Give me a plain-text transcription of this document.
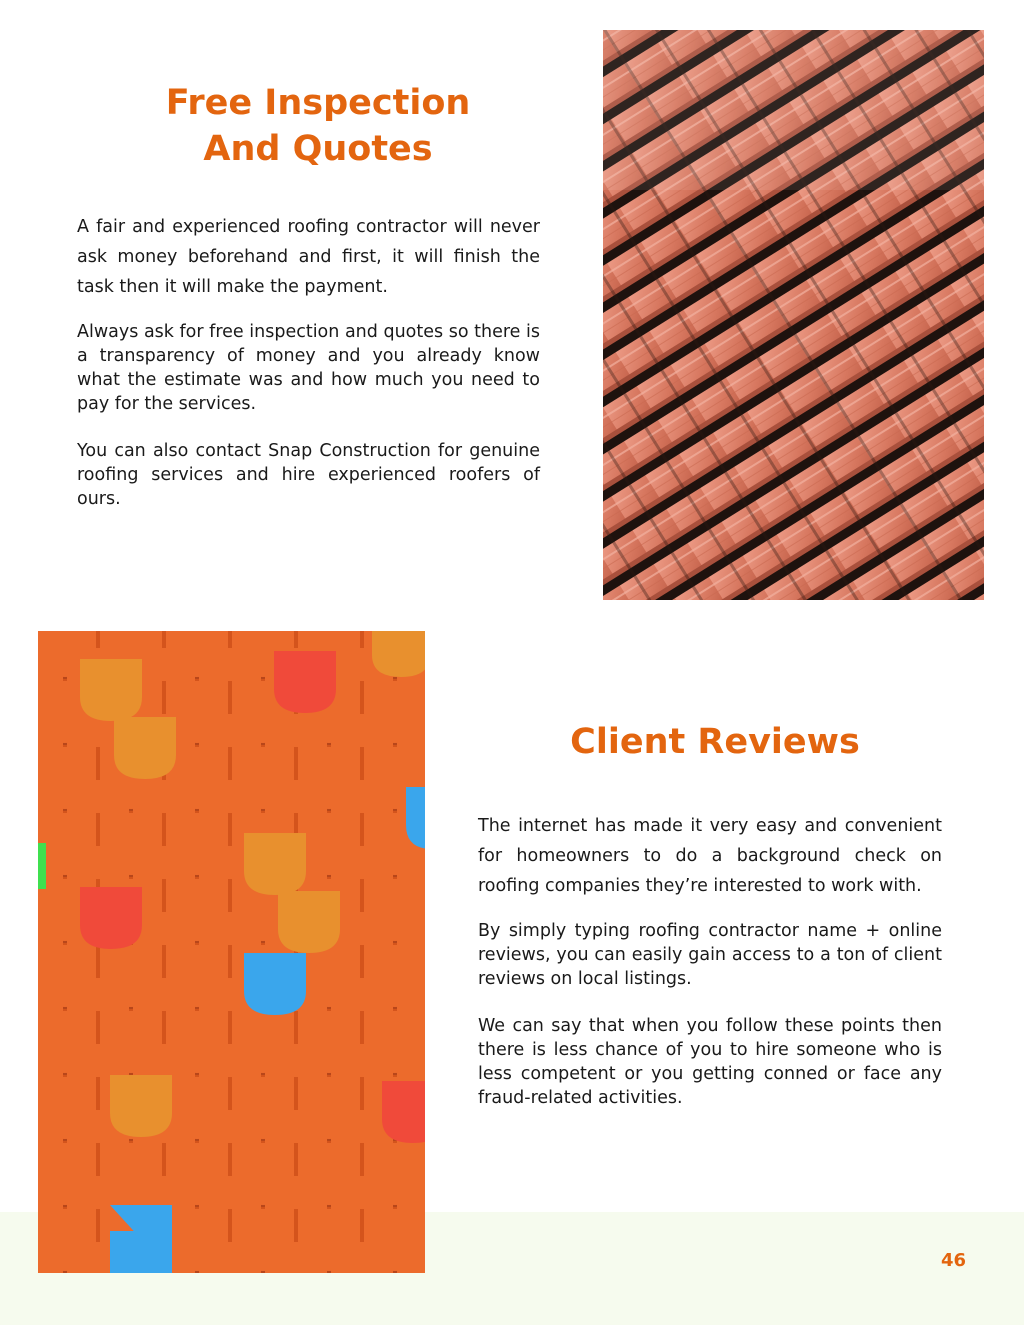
Free Inspection
And Quotes

A fair and experienced roofing contractor will never ask money beforehand and first, it will finish the task then it will make the payment.

Always ask for free inspection and quotes so there is a transparency of money and you already know what the estimate was and how much you need to pay for the services.

You can also contact Snap Construction for genuine roofing services and hire experienced roofers of ours.

Client Reviews

The internet has made it very easy and convenient for homeowners to do a background check on roofing companies they’re interested to work with.

By simply typing roofing contractor name + online reviews, you can easily gain access to a ton of client reviews on local listings.

We can say that when you follow these points then there is less chance of you to hire someone who is less competent or you getting conned or face any fraud-related activities.

46
